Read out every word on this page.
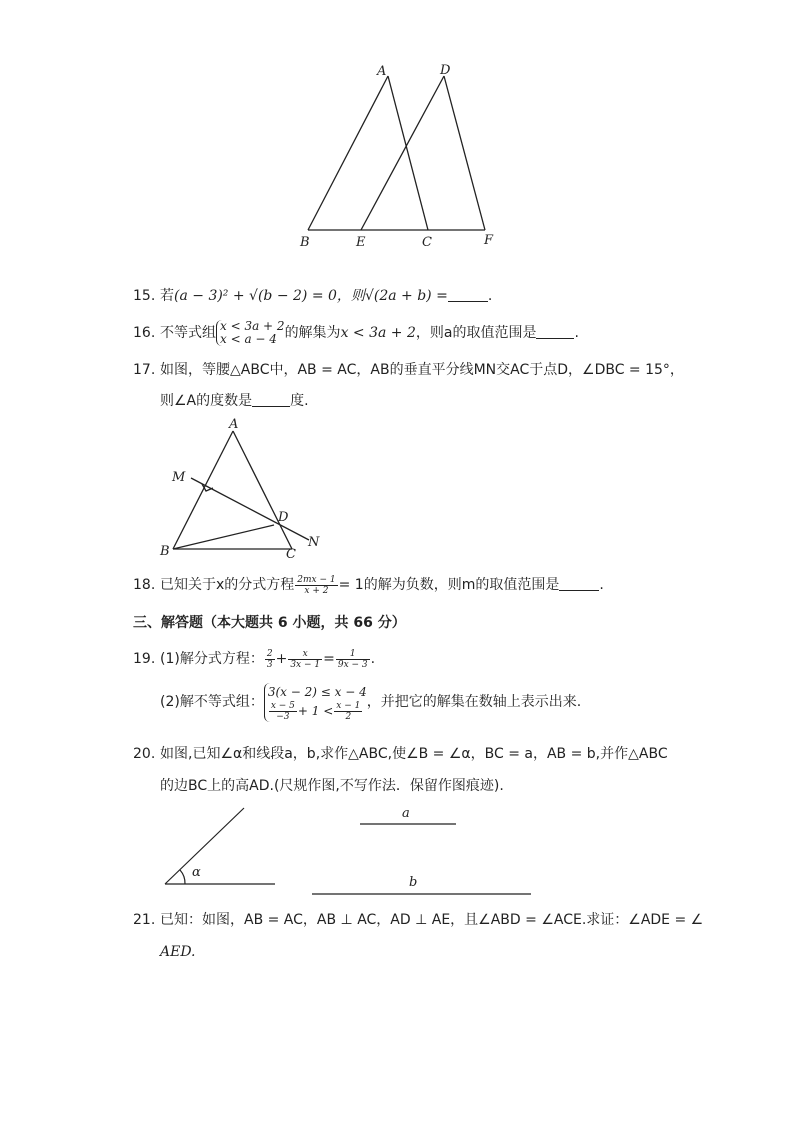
A	D
B	E	C	F
15. 若(a − 3)² + √(b − 2) = 0，则√(2a + b) =	.
16. 不等式组 x < 3a + 2
x < a − 4 的解集为x < 3a + 2，则a的取值范围是	.
17. 如图，等腰△ABC中，AB = AC，AB的垂直平分线MN交AC于点D，∠DBC = 15°，
则∠A的度数是	度.
A
M
D
N
B	C
18. 已知关于x的分式方程 $\frac{2mx - 1}{x + 2} = 1$的解为负数，则m的取值范围是	.
三、解答题（本大题共 6 小题，共 66 分）
19. (1)解分式方程： $\frac{2}{3} + \frac{x}{3x - 1} = \frac{1}{9x - 3}$ .
(2)解不等式组：
3(x − 2) ≤ x − 4
$\frac{x - 5}{-3} + 1 < \frac{x - 1}{2}$ ，并把它的解集在数轴上表示出来.
20. 如图,已知∠α和线段a，b,求作△ABC,使∠B = ∠α，BC = a，AB = b,并作△ABC
的边BC上的高AD.(尺规作图,不写作法．保留作图痕迹).
α
a
b
21. 已知：如图，AB = AC，AB ⊥ AC，AD ⊥ AE，且∠ABD = ∠ACE.求证：∠ADE = ∠
AED.
